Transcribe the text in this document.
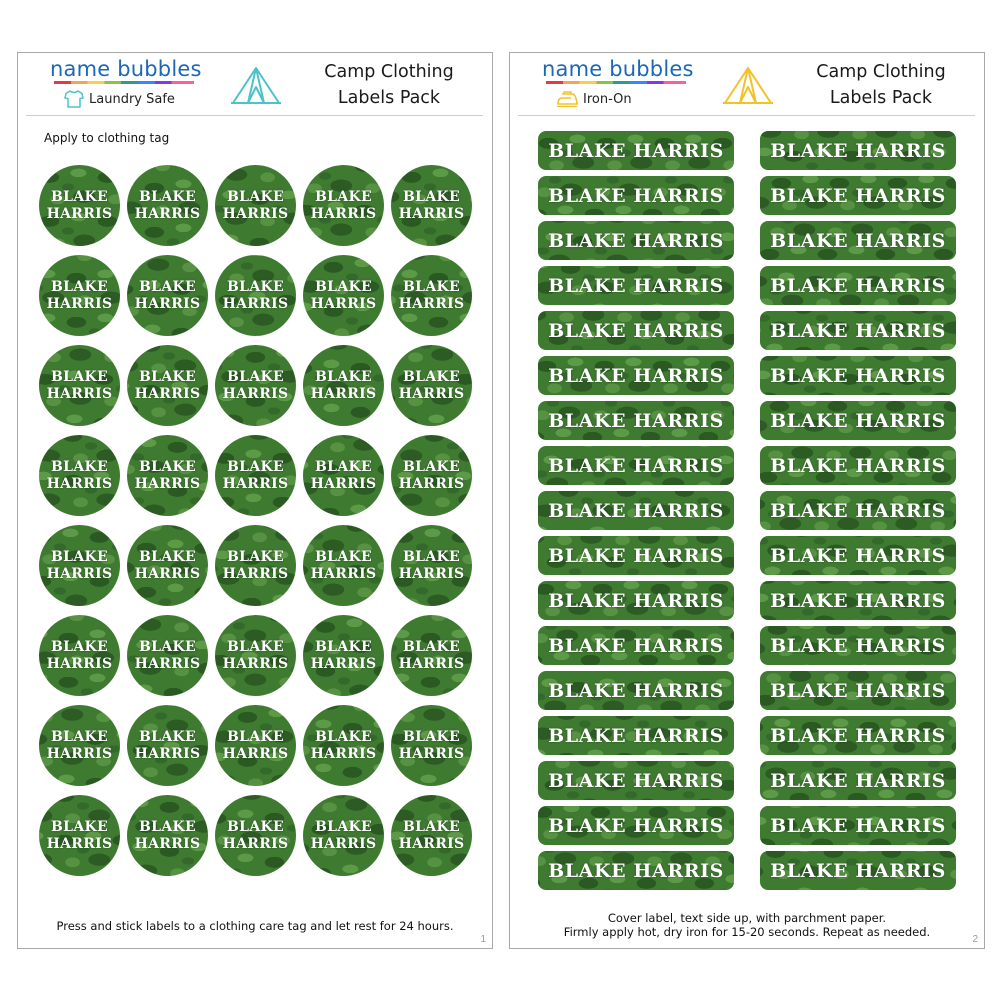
name bubbles
Laundry Safe
Camp Clothing
Labels Pack
Apply to clothing tag
BLAKE
HARRIS
BLAKE
HARRIS
BLAKE
HARRIS
BLAKE
HARRIS
BLAKE
HARRIS
BLAKE
HARRIS
BLAKE
HARRIS
BLAKE
HARRIS
BLAKE
HARRIS
BLAKE
HARRIS
BLAKE
HARRIS
BLAKE
HARRIS
BLAKE
HARRIS
BLAKE
HARRIS
BLAKE
HARRIS
BLAKE
HARRIS
BLAKE
HARRIS
BLAKE
HARRIS
BLAKE
HARRIS
BLAKE
HARRIS
BLAKE
HARRIS
BLAKE
HARRIS
BLAKE
HARRIS
BLAKE
HARRIS
BLAKE
HARRIS
BLAKE
HARRIS
BLAKE
HARRIS
BLAKE
HARRIS
BLAKE
HARRIS
BLAKE
HARRIS
BLAKE
HARRIS
BLAKE
HARRIS
BLAKE
HARRIS
BLAKE
HARRIS
BLAKE
HARRIS
BLAKE
HARRIS
BLAKE
HARRIS
BLAKE
HARRIS
BLAKE
HARRIS
BLAKE
HARRIS
Press and stick labels to a clothing care tag and let rest for 24 hours.
1
name bubbles
Iron-On
Camp Clothing
Labels Pack
BLAKE HARRIS	BLAKE HARRIS
BLAKE HARRIS	BLAKE HARRIS
BLAKE HARRIS	BLAKE HARRIS
BLAKE HARRIS	BLAKE HARRIS
BLAKE HARRIS	BLAKE HARRIS
BLAKE HARRIS	BLAKE HARRIS
BLAKE HARRIS	BLAKE HARRIS
BLAKE HARRIS	BLAKE HARRIS
BLAKE HARRIS	BLAKE HARRIS
BLAKE HARRIS	BLAKE HARRIS
BLAKE HARRIS	BLAKE HARRIS
BLAKE HARRIS	BLAKE HARRIS
BLAKE HARRIS	BLAKE HARRIS
BLAKE HARRIS	BLAKE HARRIS
BLAKE HARRIS	BLAKE HARRIS
BLAKE HARRIS	BLAKE HARRIS
BLAKE HARRIS	BLAKE HARRIS
Cover label, text side up, with parchment paper.
Firmly apply hot, dry iron for 15-20 seconds. Repeat as needed.
2
